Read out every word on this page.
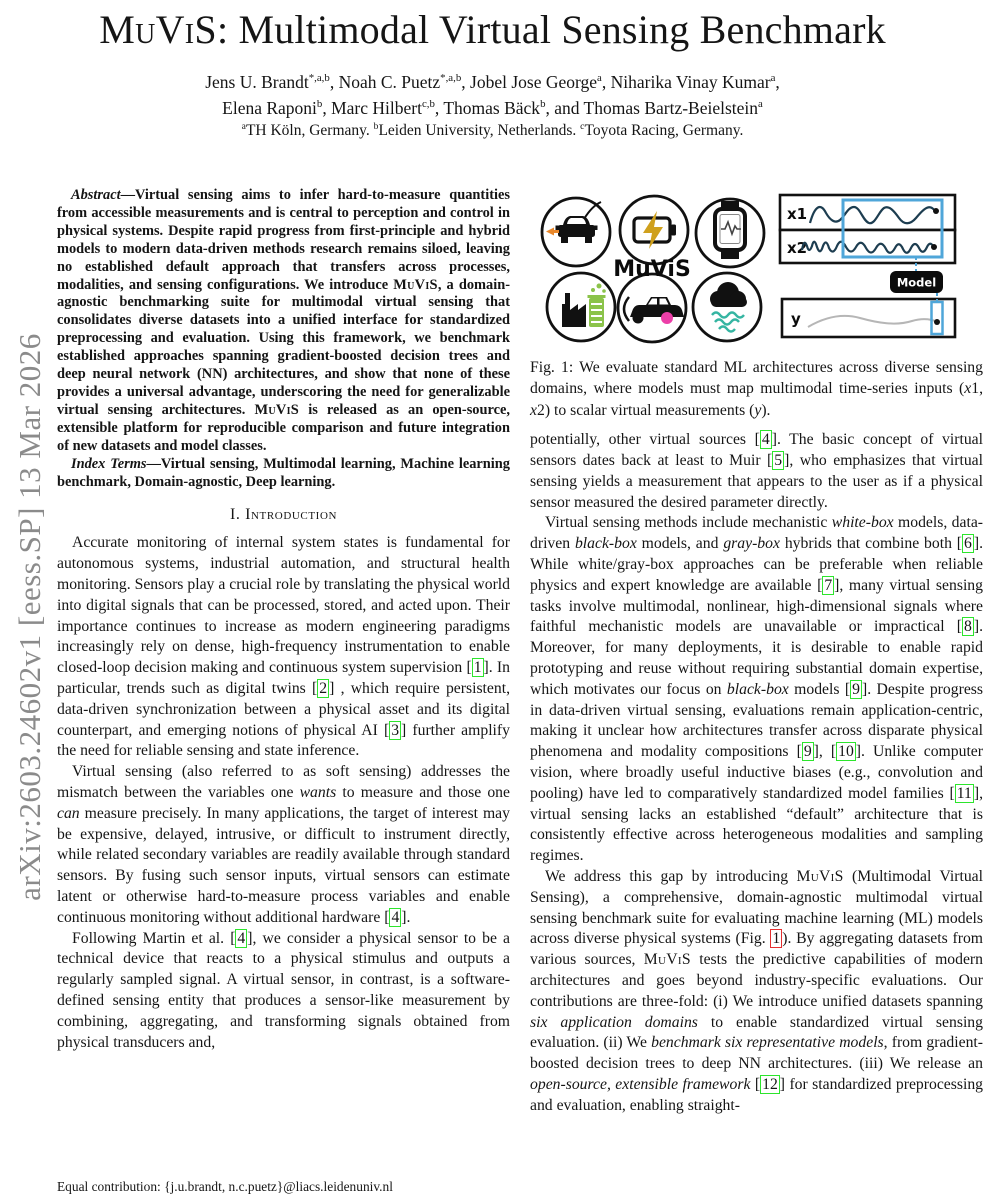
arXiv:2603.24602v1 [eess.SP] 13 Mar 2026
MuViS: Multimodal Virtual Sensing Benchmark

Jens U. Brandt$^{*,a,b}$, Noah C. Puetz$^{*,a,b}$, Jobel Jose George$^a$, Niharika Vinay Kumar$^a$,

Elena Raponi$^b$, Marc Hilbert$^{c,b}$, Thomas Bäck$^b$, and Thomas Bartz-Beielstein$^a$

$^a$TH Köln, Germany. $^b$Leiden University, Netherlands. $^c$Toyota Racing, Germany.

Abstract—Virtual sensing aims to infer hard-to-measure quantities from accessible measurements and is central to perception and control in physical systems. Despite rapid progress from first-principle and hybrid models to modern data-driven methods research remains siloed, leaving no established default approach that transfers across processes, modalities, and sensing configurations. We introduce MuViS, a domain-agnostic benchmarking suite for multimodal virtual sensing that consolidates diverse datasets into a unified interface for standardized preprocessing and evaluation. Using this framework, we benchmark established approaches spanning gradient-boosted decision trees and deep neural network (NN) architectures, and show that none of these provides a universal advantage, underscoring the need for generalizable virtual sensing architectures. MuViS is released as an open-source, extensible platform for reproducible comparison and future integration of new datasets and model classes.

Index Terms—Virtual sensing, Multimodal learning, Machine learning benchmark, Domain-agnostic, Deep learning.

I. Introduction

Accurate monitoring of internal system states is fundamental for autonomous systems, industrial automation, and structural health monitoring. Sensors play a crucial role by translating the physical world into digital signals that can be processed, stored, and acted upon. Their importance continues to increase as modern engineering paradigms increasingly rely on dense, high-frequency instrumentation to enable closed-loop decision making and continuous system supervision [ 1 ]. In particular, trends such as digital twins [ 2 ] , which require persistent, data-driven synchronization between a physical asset and its digital counterpart, and emerging notions of physical AI [ 3 ] further amplify the need for reliable sensing and state inference.

Virtual sensing (also referred to as soft sensing) addresses the mismatch between the variables one wants to measure and those one can measure precisely. In many applications, the target of interest may be expensive, delayed, intrusive, or difficult to instrument directly, while related secondary variables are readily available through standard sensors. By fusing such sensor inputs, virtual sensors can estimate latent or otherwise hard-to-measure process variables and enable continuous monitoring without additional hardware [ 4 ].

Following Martin et al. [ 4 ], we consider a physical sensor to be a technical device that reacts to a physical stimulus and outputs a regularly sampled signal. A virtual sensor, in contrast, is a software-defined sensing entity that produces a sensor-like measurement by combining, aggregating, and transforming signals obtained from physical transducers and,

MuViS
x1
x2
y
Model

Fig. 1: We evaluate standard ML architectures across diverse sensing domains, where models must map multimodal time-series inputs (x1, x2) to scalar virtual measurements (y).

potentially, other virtual sources [ 4 ]. The basic concept of virtual sensors dates back at least to Muir [ 5 ], who emphasizes that virtual sensing yields a measurement that appears to the user as if a physical sensor measured the desired parameter directly.

Virtual sensing methods include mechanistic white-box models, data-driven black-box models, and gray-box hybrids that combine both [ 6 ]. While white/gray-box approaches can be preferable when reliable physics and expert knowledge are available [ 7 ], many virtual sensing tasks involve multimodal, nonlinear, high-dimensional signals where faithful mechanistic models are unavailable or impractical [ 8 ]. Moreover, for many deployments, it is desirable to enable rapid prototyping and reuse without requiring substantial domain expertise, which motivates our focus on black-box models [ 9 ]. Despite progress in data-driven virtual sensing, evaluations remain application-centric, making it unclear how architectures transfer across disparate physical phenomena and modality compositions [ 9 ], [ 10 ]. Unlike computer vision, where broadly useful inductive biases (e.g., convolution and pooling) have led to comparatively standardized model families [ 11 ], virtual sensing lacks an established “default” architecture that is consistently effective across heterogeneous modalities and sampling regimes.

We address this gap by introducing MuViS (Multimodal Virtual Sensing), a comprehensive, domain-agnostic multimodal virtual sensing benchmark suite for evaluating machine learning (ML) models across diverse physical systems (Fig. 1 ). By aggregating datasets from various sources, MuViS tests the predictive capabilities of modern architectures and goes beyond industry-specific evaluations. Our contributions are three-fold: (i) We introduce unified datasets spanning six application domains to enable standardized virtual sensing evaluation. (ii) We benchmark six representative models, from gradient-boosted decision trees to deep NN architectures. (iii) We release an open-source, extensible framework [ 12 ] for standardized preprocessing and evaluation, enabling straight-

Equal contribution: {j.u.brandt, n.c.puetz}@liacs.leidenuniv.nl
